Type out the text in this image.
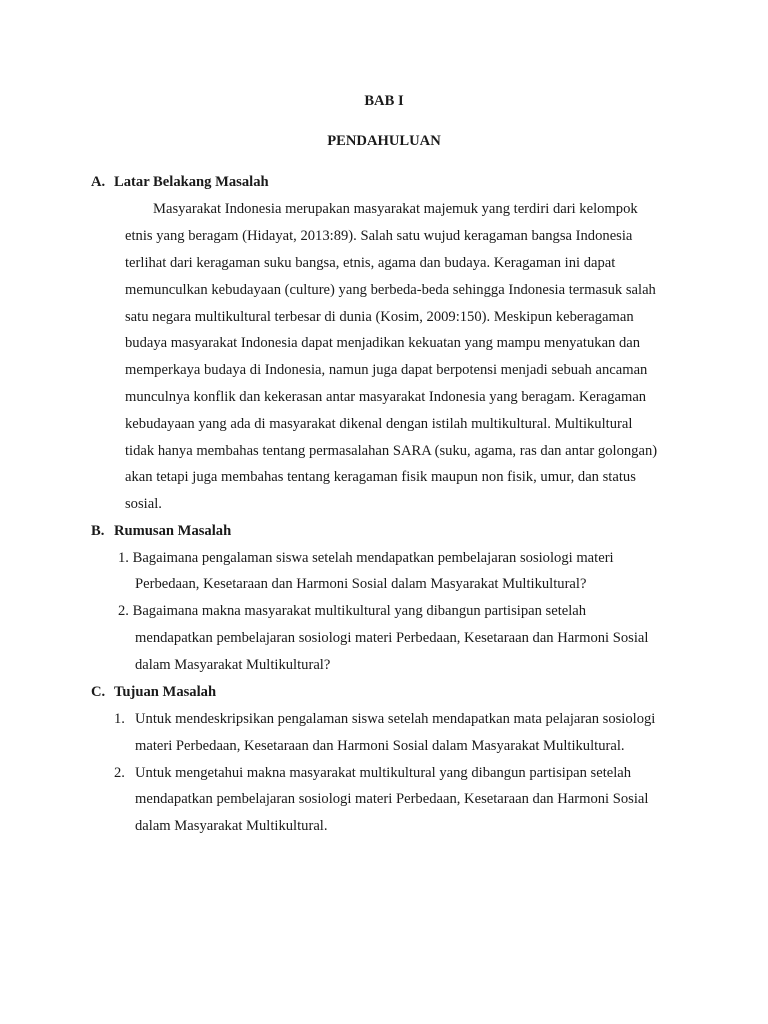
BAB I
PENDAHULUAN
A. Latar Belakang Masalah
Masyarakat Indonesia merupakan masyarakat majemuk yang terdiri dari kelompok
etnis yang beragam (Hidayat, 2013:89). Salah satu wujud keragaman bangsa Indonesia
terlihat dari keragaman suku bangsa, etnis, agama dan budaya. Keragaman ini dapat
memunculkan kebudayaan (culture) yang berbeda-beda sehingga Indonesia termasuk salah
satu negara multikultural terbesar di dunia (Kosim, 2009:150). Meskipun keberagaman
budaya masyarakat Indonesia dapat menjadikan kekuatan yang mampu menyatukan dan
memperkaya budaya di Indonesia, namun juga dapat berpotensi menjadi sebuah ancaman
munculnya konflik dan kekerasan antar masyarakat Indonesia yang beragam. Keragaman
kebudayaan yang ada di masyarakat dikenal dengan istilah multikultural. Multikultural
tidak hanya membahas tentang permasalahan SARA (suku, agama, ras dan antar golongan)
akan tetapi juga membahas tentang keragaman fisik maupun non fisik, umur, dan status
sosial.
B. Rumusan Masalah
1. Bagaimana pengalaman siswa setelah mendapatkan pembelajaran sosiologi materi
Perbedaan, Kesetaraan dan Harmoni Sosial dalam Masyarakat Multikultural?
2. Bagaimana makna masyarakat multikultural yang dibangun partisipan setelah
mendapatkan pembelajaran sosiologi materi Perbedaan, Kesetaraan dan Harmoni Sosial
dalam Masyarakat Multikultural?
C. Tujuan Masalah
1. Untuk mendeskripsikan pengalaman siswa setelah mendapatkan mata pelajaran sosiologi
materi Perbedaan, Kesetaraan dan Harmoni Sosial dalam Masyarakat Multikultural.
2. Untuk mengetahui makna masyarakat multikultural yang dibangun partisipan setelah
mendapatkan pembelajaran sosiologi materi Perbedaan, Kesetaraan dan Harmoni Sosial
dalam Masyarakat Multikultural.
